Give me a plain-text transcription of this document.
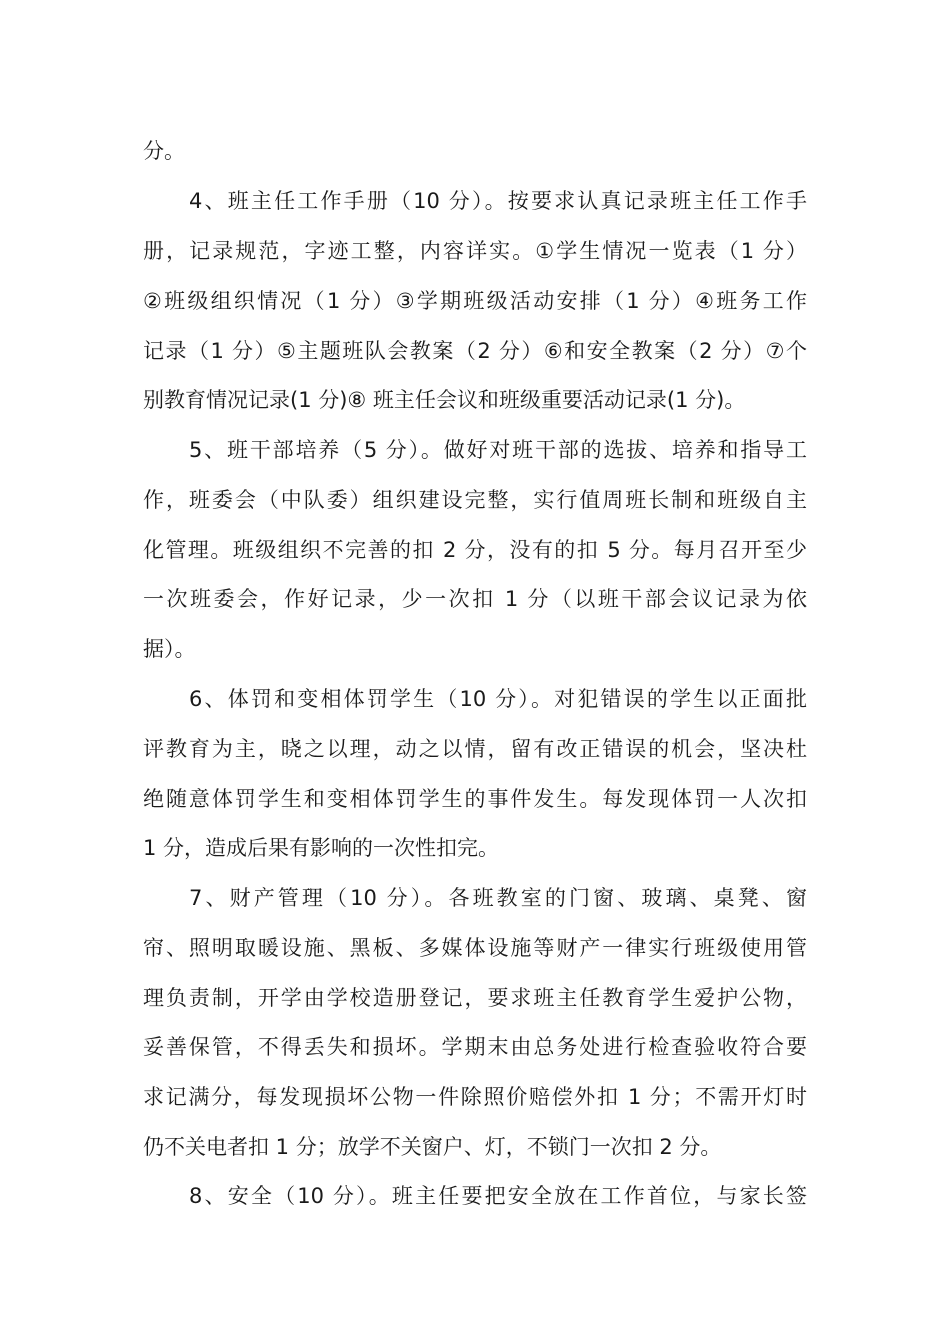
分。
4、班主任工作手册（10 分）。按要求认真记录班主任工作手
册，记录规范，字迹工整，内容详实。①学生情况一览表（1 分）
②班级组织情况（1 分）③学期班级活动安排（1 分）④班务工作
记录（1 分）⑤主题班队会教案（2 分）⑥和安全教案（2 分）⑦个
别教育情况记录(1 分)⑧ 班主任会议和班级重要活动记录(1 分)。
5、班干部培养（5 分）。做好对班干部的选拔、培养和指导工
作，班委会（中队委）组织建设完整，实行值周班长制和班级自主
化管理。班级组织不完善的扣 2 分，没有的扣 5 分。每月召开至少
一次班委会，作好记录，少一次扣 1 分（以班干部会议记录为依
据）。
6、体罚和变相体罚学生（10 分）。对犯错误的学生以正面批
评教育为主，晓之以理，动之以情，留有改正错误的机会，坚决杜
绝随意体罚学生和变相体罚学生的事件发生。每发现体罚一人次扣
1 分，造成后果有影响的一次性扣完。
7、财产管理（10 分）。各班教室的门窗、玻璃、桌凳、窗
帘、照明取暖设施、黑板、多媒体设施等财产一律实行班级使用管
理负责制，开学由学校造册登记，要求班主任教育学生爱护公物，
妥善保管，不得丢失和损坏。学期末由总务处进行检查验收符合要
求记满分，每发现损坏公物一件除照价赔偿外扣 1 分；不需开灯时
仍不关电者扣 1 分；放学不关窗户、灯，不锁门一次扣 2 分。
8、安全（10 分）。班主任要把安全放在工作首位，与家长签
